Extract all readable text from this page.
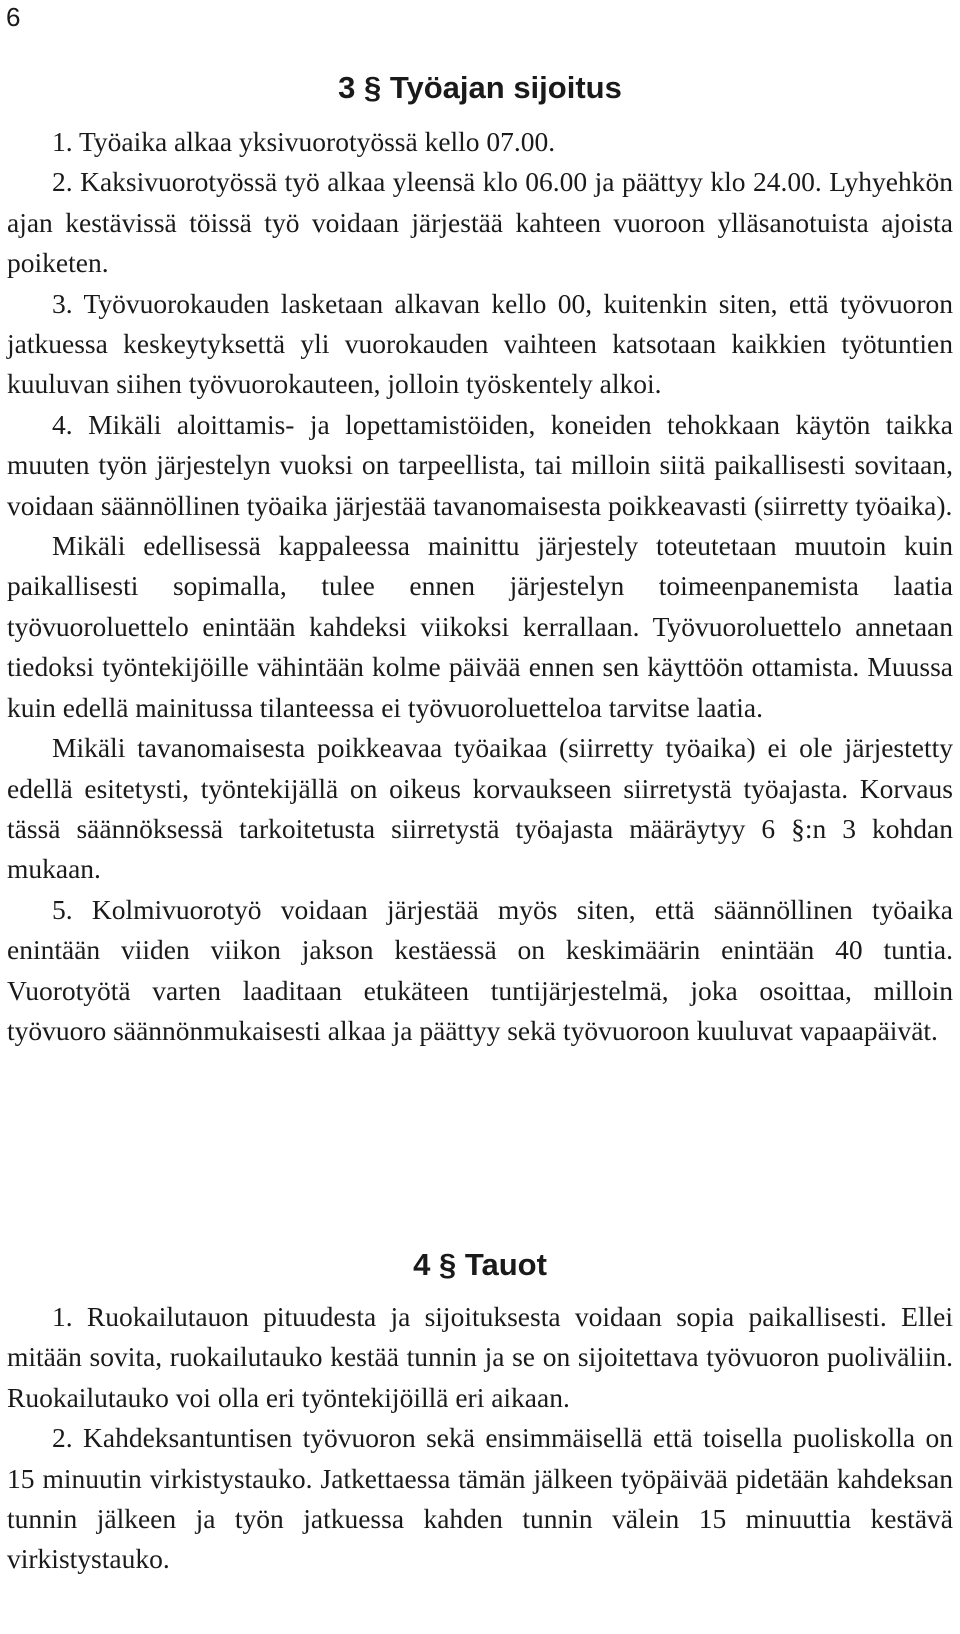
6
3 § Työajan sijoitus

1. Työaika alkaa yksivuorotyössä kello 07.00.

2. Kaksivuorotyössä työ alkaa yleensä klo 06.00 ja päättyy klo 24.00. Lyhyehkön ajan kestävissä töissä työ voidaan järjestää kahteen vuoroon ylläsanotuista ajoista poiketen.

3. Työvuorokauden lasketaan alkavan kello 00, kuitenkin siten, että työvuoron jatkuessa keskeytyksettä yli vuorokauden vaihteen katsotaan kaikkien työtuntien kuuluvan siihen työvuorokauteen, jolloin työskentely alkoi.

4. Mikäli aloittamis- ja lopettamistöiden, koneiden tehokkaan käytön taikka muuten työn järjestelyn vuoksi on tarpeellista, tai milloin siitä paikallisesti sovitaan, voidaan säännöllinen työaika järjestää tavanomaisesta poikkeavasti (siirretty työaika).

Mikäli edellisessä kappaleessa mainittu järjestely toteutetaan muutoin kuin paikallisesti sopimalla, tulee ennen järjestelyn toimeenpanemista laatia työvuoroluettelo enintään kahdeksi viikoksi kerrallaan. Työvuoroluettelo annetaan tiedoksi työntekijöille vähintään kolme päivää ennen sen käyttöön ottamista. Muussa kuin edellä mainitussa tilanteessa ei työvuoroluetteloa tarvitse laatia.

Mikäli tavanomaisesta poikkeavaa työaikaa (siirretty työaika) ei ole järjestetty edellä esitetysti, työntekijällä on oikeus korvaukseen siirretystä työajasta. Korvaus tässä säännöksessä tarkoitetusta siirretystä työajasta määräytyy 6 §:n 3 kohdan mukaan.

5. Kolmivuorotyö voidaan järjestää myös siten, että säännöllinen työaika enintään viiden viikon jakson kestäessä on keskimäärin enintään 40 tuntia. Vuorotyötä varten laaditaan etukäteen tuntijärjestelmä, joka osoittaa, milloin työvuoro säännönmukaisesti alkaa ja päättyy sekä työvuoroon kuuluvat vapaapäivät.

4 § Tauot

1. Ruokailutauon pituudesta ja sijoituksesta voidaan sopia paikallisesti. Ellei mitään sovita, ruokailutauko kestää tunnin ja se on sijoitettava työvuoron puoliväliin. Ruokailutauko voi olla eri työntekijöillä eri aikaan.

2. Kahdeksantuntisen työvuoron sekä ensimmäisellä että toisella puoliskolla on 15 minuutin virkistystauko. Jatkettaessa tämän jälkeen työpäivää pidetään kahdeksan tunnin jälkeen ja työn jatkuessa kahden tunnin välein 15 minuuttia kestävä virkistystauko.
